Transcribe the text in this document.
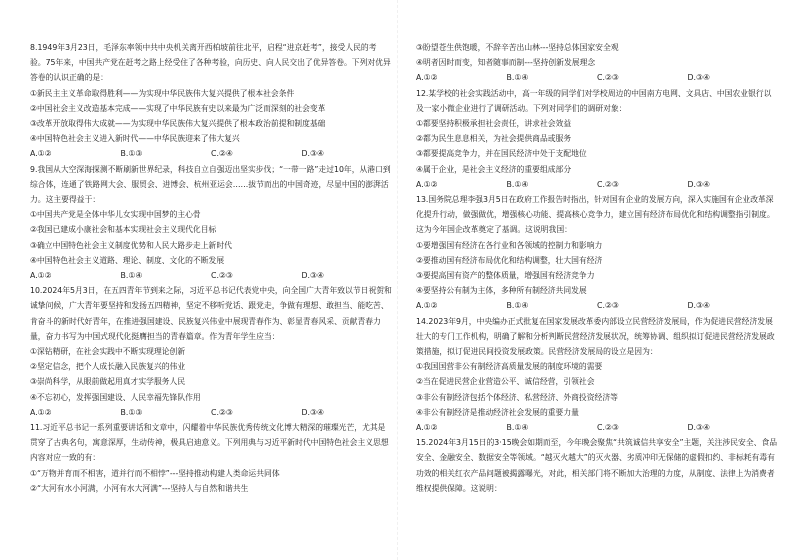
8.1949年3月23日，毛泽东率领中共中央机关离开西柏坡前往北平，启程“进京赶考”，接受人民的考验。75年来，中国共产党在赶考之路上经受住了各种考验，向历史、向人民交出了优异答卷。下列对优异答卷的认识正确的是：

①新民主主义革命取得胜利——为实现中华民族伟大复兴提供了根本社会条件

②中国社会主义改造基本完成——实现了中华民族有史以来最为广泛而深刻的社会变革

③改革开放取得伟大成就——为实现中华民族伟大复兴提供了根本政治前提和制度基础

④中国特色社会主义进入新时代——中华民族迎来了伟大复兴

A.①②	B.①③	C.②④	D.③④

9.我国从大空深海探测不断刷新世界纪录，科技自立自强迈出坚实步伐；“一带一路”走过10年，从港口到综合体，连通了铁路网大会、服贸会、进博会、杭州亚运会……拔节而出的中国奇迹，尽显中国的澎湃活力。这主要得益于：

①中国共产党是全体中华儿女实现中国梦的主心骨

②我国已建成小康社会和基本实现社会主义现代化目标

③确立中国特色社会主义制度优势和人民大路步走上新时代

④中国特色社会主义道路、理论、制度、文化的不断发展

A.①②	B.①④	C.②③	D.③④

10.2024年5月3日，在五四青年节到来之际，习近平总书记代表党中央，向全国广大青年致以节日祝贺和诚挚问候，广大青年要坚持和发扬五四精神，坚定不移听党话、跟党走，争做有理想、敢担当、能吃苦、肯奋斗的新时代好青年，在推进强国建设、民族复兴伟业中展现青春作为、彰显青春风采、贡献青春力量，奋力书写为中国式现代化挺膺担当的青春篇章。作为青年学生应当：

①深钻精研，在社会实践中不断实现理论创新

②坚定信念，把个人成长融入民族复兴的伟业

③崇尚科学，从眼前做起用真才实学服务人民

④不忘初心，发挥强国建设、人民幸福先锋队作用

A.①②	B.①③	C.②③	D.③④

11.习近平总书记一系列重要讲话和文章中，闪耀着中华民族优秀传统文化博大精深的璀璨光芒，尤其是贯穿了古典名句，寓意深厚，生动传神，极具启迪意义。下列用典与习近平新时代中国特色社会主义思想内容对应一致的有：

①“万物并育而不相害，道并行而不相悖”---坚持推动构建人类命运共同体

②“大河有水小河满，小河有水大河满”---坚持人与自然和谐共生

③盼望苍生供饱暖，不辞辛苦出山林---坚持总体国家安全观

④明者因时而变，知者随事而制---坚持创新发展理念

A.①②	B.①④	C.②③	D.③④

12.某学校的社会实践活动中，高一年级的同学们对学校周边的中国南方电网、文具店、中国农业银行以及一家小微企业进行了调研活动。下列对同学们的调研对象：

①都要坚持积极承担社会责任，讲求社会效益

②都为民生息息相关，为社会提供商品或服务

③都要提高竞争力，并在国民经济中处于支配地位

④属于企业，是社会主义经济的重要组成部分

A.①②	B.①④	C.②③	D.③④

13.国务院总理李强3月5日在政府工作报告时指出，针对国有企业的发展方向，深入实施国有企业改革深化提升行动，做强做优，增强核心功能、提高核心竞争力，建立国有经济布局优化和结构调整指引制度。这为今年国企改革奠定了基调。这说明我国：

①要增强国有经济在各行业和各领域的控制力和影响力

②要推动国有经济布局优化和结构调整，壮大国有经济

③要提高国有资产的整体质量，增强国有经济竞争力

④要坚持公有制为主体，多种所有制经济共同发展

A.①②	B.①④	C.②③	D.③④

14.2023年9月，中央编办正式批复在国家发展改革委内部设立民营经济发展局，作为促进民营经济发展壮大的专门工作机构，明确了解和分析判断民营经济发展状况，统筹协调、组织拟订促进民营经济发展政策措施，拟订促进民间投资发展政策。民营经济发展局的设立是因为：

①我国国营非公有制经济高质量发展的制度环境的需要

②当在促进民营企业营造公平、诚信经营，引领社会

③非公有制经济包括个体经济、私营经济、外商投资经济等

④非公有制经济是推动经济社会发展的重要力量

A.①②	B.①④	C.②③	D.③④

15.2024年3月15日的3·15晚会如期而至，今年晚会聚焦“共筑诚信共享安全”主题，关注涉民安全、食品安全、金融安全、数据安全等领域。“越灭火越大”的灭火器、劣质冲印无保储的虚假扣约、非标耗有毒有功效的相关红衣产品问题被揭露曝光，对此，相关部门将不断加大治理的力度，从制度、法律上为消费者维权提供保障。这说明：
